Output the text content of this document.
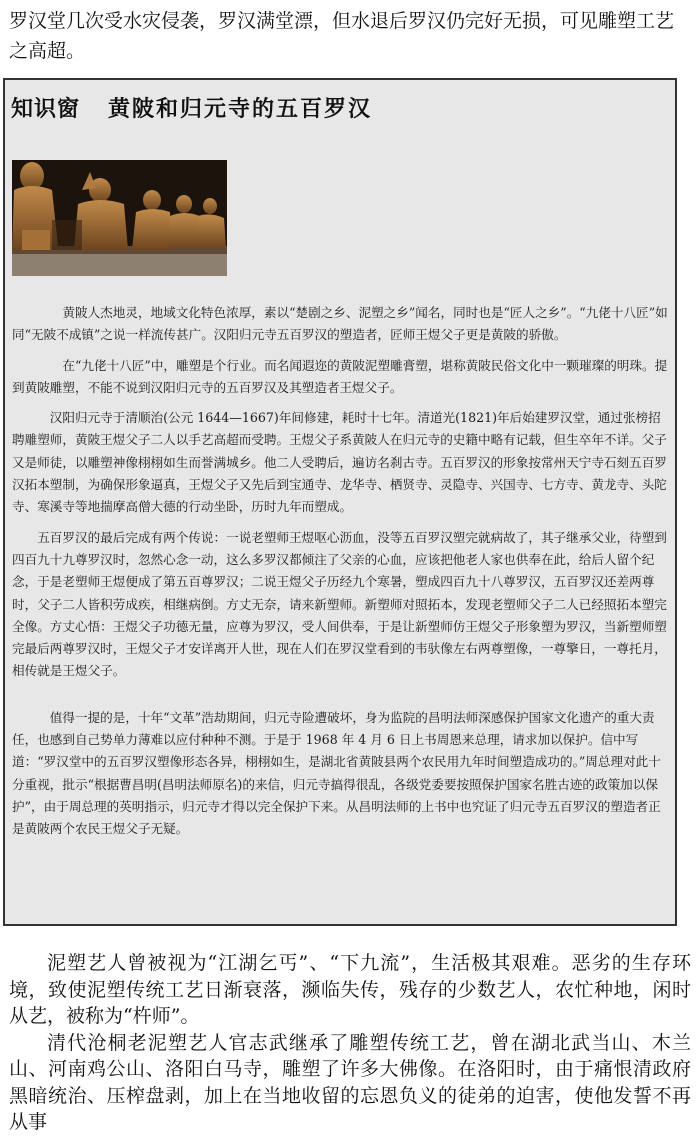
罗汉堂几次受水灾侵袭，罗汉满堂漂，但水退后罗汉仍完好无损，可见雕塑工艺之高超。

知识窗 黄陂和归元寺的五百罗汉

　　　　黄陂人杰地灵，地域文化特色浓厚，素以“楚剧之乡、泥塑之乡”闻名，同时也是“匠人之乡”。“九佬十八匠”如同“无陂不成镇”之说一样流传甚广。汉阳归元寺五百罗汉的塑造者，匠师王煜父子更是黄陂的骄傲。

　　　　在“九佬十八匠”中，雕塑是个行业。而名闻遐迩的黄陂泥塑雕膏塑，堪称黄陂民俗文化中一颗璀璨的明珠。提到黄陂雕塑，不能不说到汉阳归元寺的五百罗汉及其塑造者王煜父子。

　　　汉阳归元寺于清顺治(公元 1644—1667)年间修建，耗时十七年。清道光(1821)年后始建罗汉堂，通过张榜招聘雕塑师，黄陂王煜父子二人以手艺高超而受聘。王煜父子系黄陂人在归元寺的史籍中略有记载，但生卒年不详。父子又是师徒，以雕塑神像栩栩如生而誉满城乡。他二人受聘后，遍访名刹古寺。五百罗汉的形象按常州天宁寺石刻五百罗汉拓本塑制，为确保形象逼真，王煜父子又先后到宝通寺、龙华寺、栖贤寺、灵隐寺、兴国寺、七方寺、黄龙寺、头陀寺、寒溪寺等地揣摩高僧大德的行动坐卧，历时九年而塑成。

　　五百罗汉的最后完成有两个传说：一说老塑师王煜呕心沥血，没等五百罗汉塑完就病故了，其子继承父业，待塑到四百九十九尊罗汉时，忽然心念一动，这么多罗汉都倾注了父亲的心血，应该把他老人家也供奉在此，给后人留个纪念，于是老塑师王煜便成了第五百尊罗汉；二说王煜父子历经九个寒暑，塑成四百九十八尊罗汉，五百罗汉还差两尊时，父子二人皆积劳成疾，相继病倒。方丈无奈，请来新塑师。新塑师对照拓本，发现老塑师父子二人已经照拓本塑完全像。方丈心悟：王煜父子功德无量，应尊为罗汉，受人间供奉，于是让新塑师仿王煜父子形象塑为罗汉，当新塑师塑完最后两尊罗汉时，王煜父子才安详离开人世，现在人们在罗汉堂看到的韦驮像左右两尊塑像，一尊擎日，一尊托月，相传就是王煜父子。

　　　值得一提的是，十年“文革”浩劫期间，归元寺险遭破坏，身为监院的昌明法师深感保护国家文化遗产的重大责任，也感到自己势单力薄难以应付种种不测。于是于 1968 年 4 月 6 日上书周恩来总理，请求加以保护。信中写道：“罗汉堂中的五百罗汉塑像形态各异，栩栩如生，是湖北省黄陂县两个农民用九年时间塑造成功的。”周总理对此十分重视，批示“根据曹昌明(昌明法师原名)的来信，归元寺搞得很乱，各级党委要按照保护国家名胜古迹的政策加以保护”，由于周总理的英明指示，归元寺才得以完全保护下来。从昌明法师的上书中也究证了归元寺五百罗汉的塑造者正是黄陂两个农民王煜父子无疑。

泥塑艺人曾被视为“江湖乞丐”、“下九流”，生活极其艰难。恶劣的生存环境，致使泥塑传统工艺日渐衰落，濒临失传，残存的少数艺人，农忙种地，闲时从艺，被称为“杵师”。

清代沧桐老泥塑艺人官志武继承了雕塑传统工艺，曾在湖北武当山、木兰山、河南鸡公山、洛阳白马寺，雕塑了许多大佛像。在洛阳时，由于痛恨清政府黑暗统治、压榨盘剥，加上在当地收留的忘恩负义的徒弟的迫害，使他发誓不再从事
